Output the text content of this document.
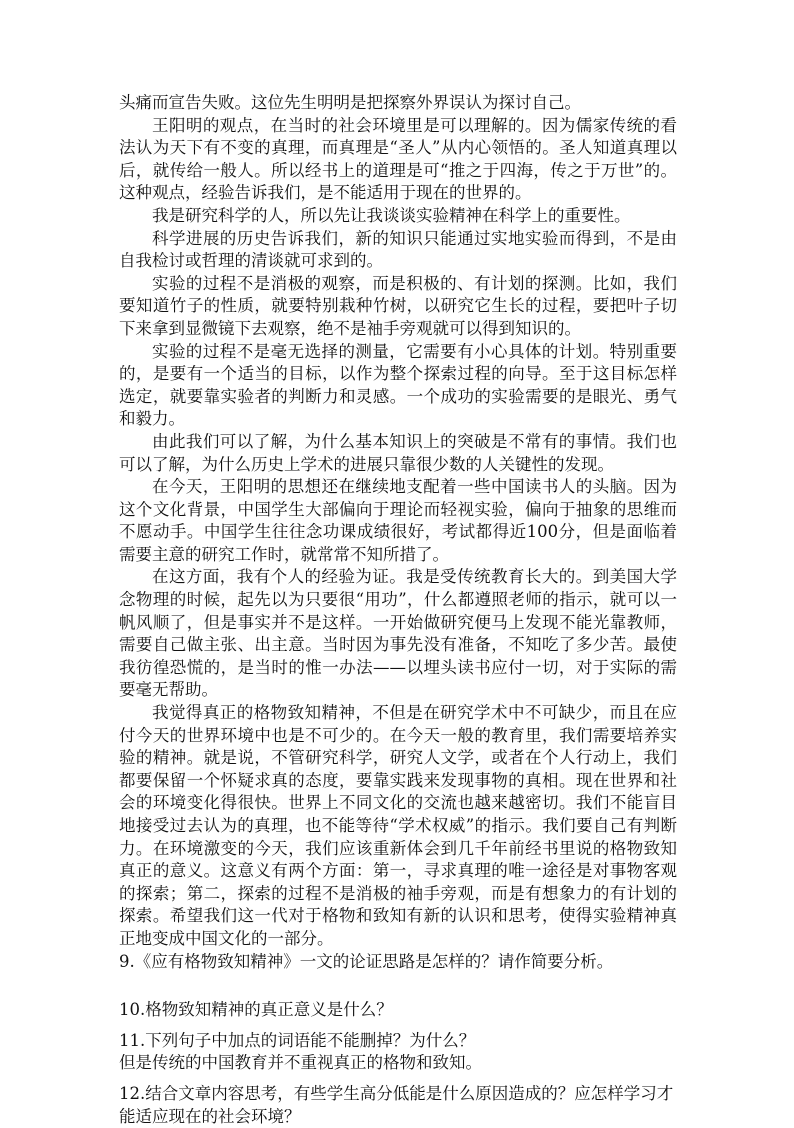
头痛而宣告失败。这位先生明明是把探察外界误认为探讨自己。

王阳明的观点，在当时的社会环境里是可以理解的。因为儒家传统的看法认为天下有不变的真理，而真理是“圣人”从内心领悟的。圣人知道真理以后，就传给一般人。所以经书上的道理是可“推之于四海，传之于万世”的。这种观点，经验告诉我们，是不能适用于现在的世界的。

我是研究科学的人，所以先让我谈谈实验精神在科学上的重要性。

科学进展的历史告诉我们，新的知识只能通过实地实验而得到，不是由自我检讨或哲理的清谈就可求到的。

实验的过程不是消极的观察，而是积极的、有计划的探测。比如，我们要知道竹子的性质，就要特别栽种竹树，以研究它生长的过程，要把叶子切下来拿到显微镜下去观察，绝不是袖手旁观就可以得到知识的。

实验的过程不是毫无选择的测量，它需要有小心具体的计划。特别重要的，是要有一个适当的目标，以作为整个探索过程的向导。至于这目标怎样选定，就要靠实验者的判断力和灵感。一个成功的实验需要的是眼光、勇气和毅力。

由此我们可以了解，为什么基本知识上的突破是不常有的事情。我们也可以了解，为什么历史上学术的进展只靠很少数的人关键性的发现。

在今天，王阳明的思想还在继续地支配着一些中国读书人的头脑。因为这个文化背景，中国学生大部偏向于理论而轻视实验，偏向于抽象的思维而不愿动手。中国学生往往念功课成绩很好，考试都得近100分，但是面临着需要主意的研究工作时，就常常不知所措了。

在这方面，我有个人的经验为证。我是受传统教育长大的。到美国大学念物理的时候，起先以为只要很“用功”，什么都遵照老师的指示，就可以一帆风顺了，但是事实并不是这样。一开始做研究便马上发现不能光靠教师，需要自己做主张、出主意。当时因为事先没有准备，不知吃了多少苦。最使我彷徨恐慌的，是当时的惟一办法——以埋头读书应付一切，对于实际的需要毫无帮助。

我觉得真正的格物致知精神，不但是在研究学术中不可缺少，而且在应付今天的世界环境中也是不可少的。在今天一般的教育里，我们需要培养实验的精神。就是说，不管研究科学，研究人文学，或者在个人行动上，我们都要保留一个怀疑求真的态度，要靠实践来发现事物的真相。现在世界和社会的环境变化得很快。世界上不同文化的交流也越来越密切。我们不能盲目地接受过去认为的真理，也不能等待“学术权威”的指示。我们要自己有判断力。在环境激变的今天，我们应该重新体会到几千年前经书里说的格物致知真正的意义。这意义有两个方面：第一，寻求真理的唯一途径是对事物客观的探索；第二，探索的过程不是消极的袖手旁观，而是有想象力的有计划的探索。希望我们这一代对于格物和致知有新的认识和思考，使得实验精神真正地变成中国文化的一部分。

9.《应有格物致知精神》一文的论证思路是怎样的？请作简要分析。

10.格物致知精神的真正意义是什么？

11.下列句子中加点的词语能不能删掉？为什么？

但是传统的中国教育并不重视真正的格物和致知。

12.结合文章内容思考，有些学生高分低能是什么原因造成的？应怎样学习才能适应现在的社会环境？
